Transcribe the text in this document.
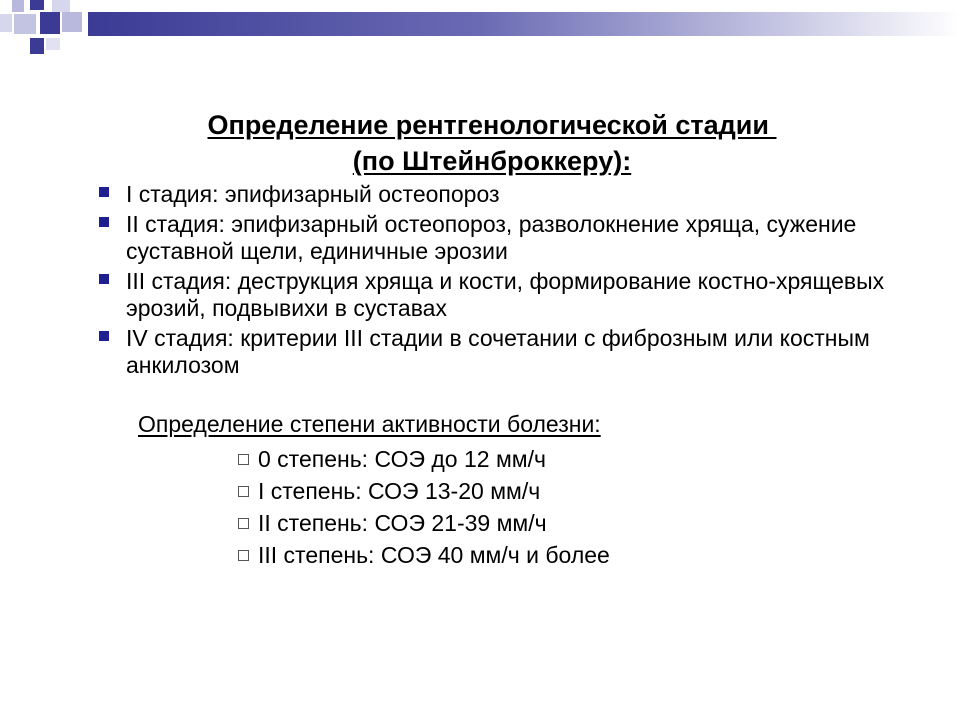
Определение рентгенологической стадии
(по Штейнброккеру):
I стадия: эпифизарный остеопороз
II стадия: эпифизарный остеопороз, разволокнение хряща, сужение суставной щели, единичные эрозии
III стадия: деструкция хряща и кости, формирование костно-хрящевых эрозий, подвывихи в суставах
IV стадия: критерии III стадии в сочетании с фиброзным или костным анкилозом
Определение степени активности болезни:
0 степень: СОЭ до 12 мм/ч
I степень: СОЭ 13-20 мм/ч
II степень: СОЭ 21-39 мм/ч
III степень: СОЭ 40 мм/ч и более
